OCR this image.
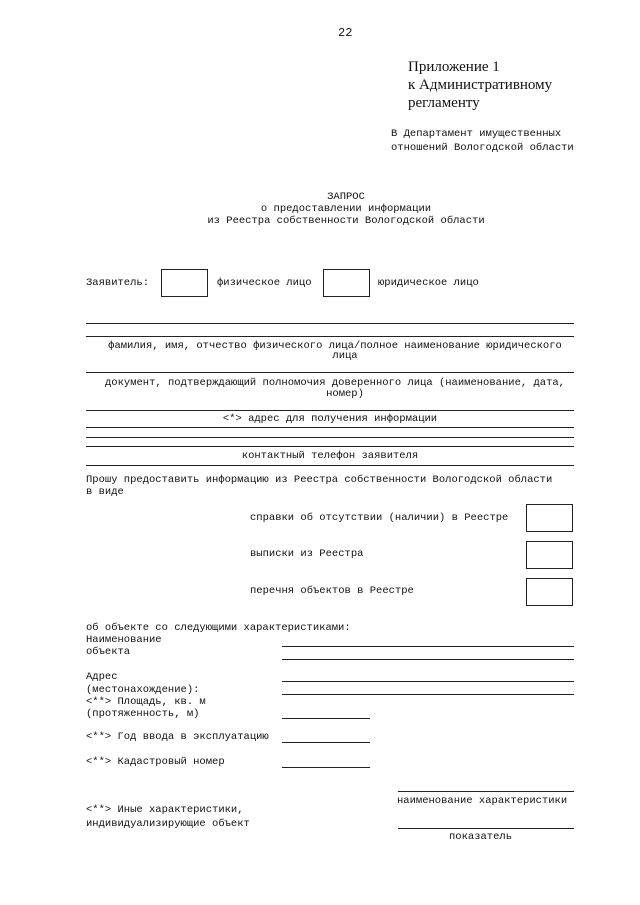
22
Приложение 1
к Административному
регламенту
В Департамент имущественных
отношений Вологодской области
ЗАПРОС
о предоставлении информации
из Реестра собственности Вологодской области
Заявитель:	физическое лицо	юридическое лицо
фамилия, имя, отчество физического лица/полное наименование юридического
лица
документ, подтверждающий полномочия доверенного лица (наименование, дата,
номер)
<*> адрес для получения информации
контактный телефон заявителя
Прошу предоставить информацию из Реестра собственности Вологодской области
в виде
справки об отсутствии (наличии) в Реестре
выписки из Реестра
перечня объектов в Реестре
об объекте со следующими характеристиками:
Наименование
объекта
Адрес
(местонахождение):
<**> Площадь, кв. м
(протяженность, м)
<**> Год ввода в эксплуатацию
<**> Кадастровый номер
наименование характеристики
<**> Иные характеристики,
индивидуализирующие объект
показатель
